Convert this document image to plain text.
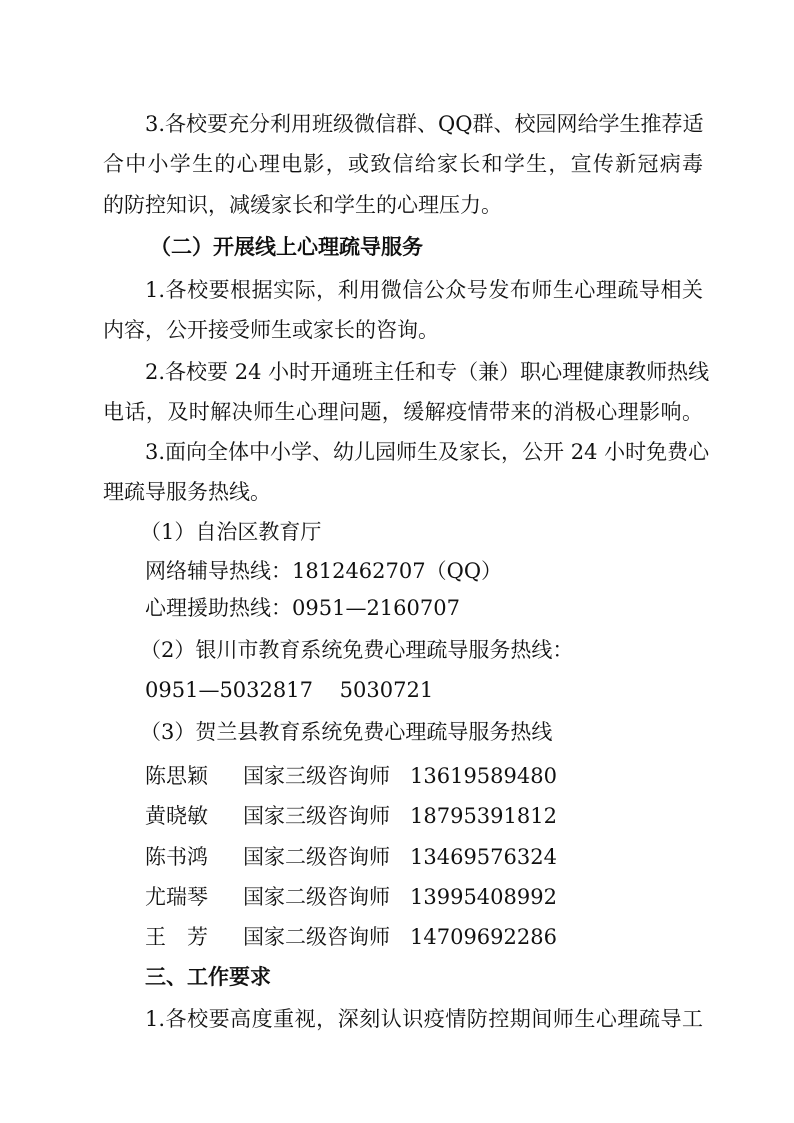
3.各校要充分利用班级微信群、QQ群、校园网给学生推荐适
合中小学生的心理电影，或致信给家长和学生，宣传新冠病毒
的防控知识，减缓家长和学生的心理压力。
（二）开展线上心理疏导服务
1.各校要根据实际，利用微信公众号发布师生心理疏导相关
内容，公开接受师生或家长的咨询。
2.各校要 24 小时开通班主任和专（兼）职心理健康教师热线
电话，及时解决师生心理问题，缓解疫情带来的消极心理影响。
3.面向全体中小学、幼儿园师生及家长，公开 24 小时免费心
理疏导服务热线。
（1）自治区教育厅
网络辅导热线：1812462707（QQ）
心理援助热线：0951—2160707
（2）银川市教育系统免费心理疏导服务热线：
0951—5032817    5030721
（3）贺兰县教育系统免费心理疏导服务热线
陈思颖 国家三级咨询师 13619589480
黄晓敏 国家三级咨询师 18795391812
陈书鸿 国家二级咨询师 13469576324
尤瑞琴 国家二级咨询师 13995408992
王　芳 国家二级咨询师 14709692286
三、工作要求
1.各校要高度重视，深刻认识疫情防控期间师生心理疏导工
